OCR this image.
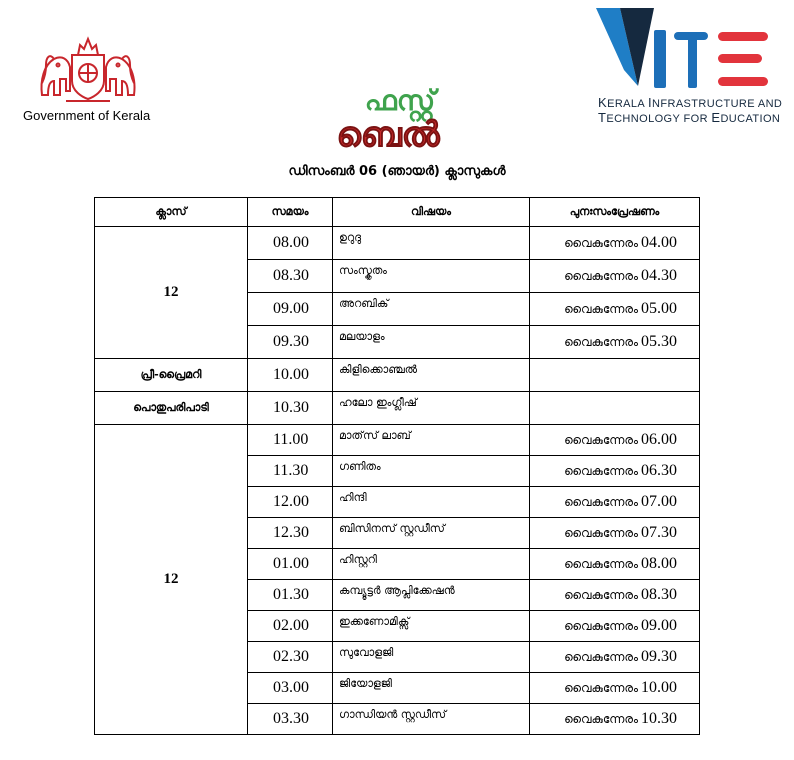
Government of Kerala	ഫസ്റ്റ്
ബെൽ
KERALA INFRASTRUCTURE AND
TECHNOLOGY FOR EDUCATION
ഡിസംബർ 06 (ഞായർ) ക്ലാസുകൾ
ക്ലാസ്	സമയം	വിഷയം	പുനഃസംപ്രേഷണം
12	08.00	ഉറുദു	വൈകുന്നേരം 04.00
	08.30	സംസ്കൃതം	വൈകുന്നേരം 04.30
	09.00	അറബിക്	വൈകുന്നേരം 05.00
	09.30	മലയാളം	വൈകുന്നേരം 05.30
പ്രീ-പ്രൈമറി	10.00	കിളിക്കൊഞ്ചൽ	
പൊതുപരിപാടി	10.30	ഹലോ ഇംഗ്ലീഷ്	
12	11.00	മാത്‌സ് ലാബ്	വൈകുന്നേരം 06.00
	11.30	ഗണിതം	വൈകുന്നേരം 06.30
	12.00	ഹിന്ദി	വൈകുന്നേരം 07.00
	12.30	ബിസിനസ് സ്റ്റഡീസ്	വൈകുന്നേരം 07.30
	01.00	ഹിസ്റ്ററി	വൈകുന്നേരം 08.00
	01.30	കമ്പ്യൂട്ടർ ആപ്ലിക്കേഷൻ	വൈകുന്നേരം 08.30
	02.00	ഇക്കണോമിക്സ്	വൈകുന്നേരം 09.00
	02.30	സുവോളജി	വൈകുന്നേരം 09.30
	03.00	ജിയോളജി	വൈകുന്നേരം 10.00
	03.30	ഗാന്ധിയൻ സ്റ്റഡീസ്	വൈകുന്നേരം 10.30
